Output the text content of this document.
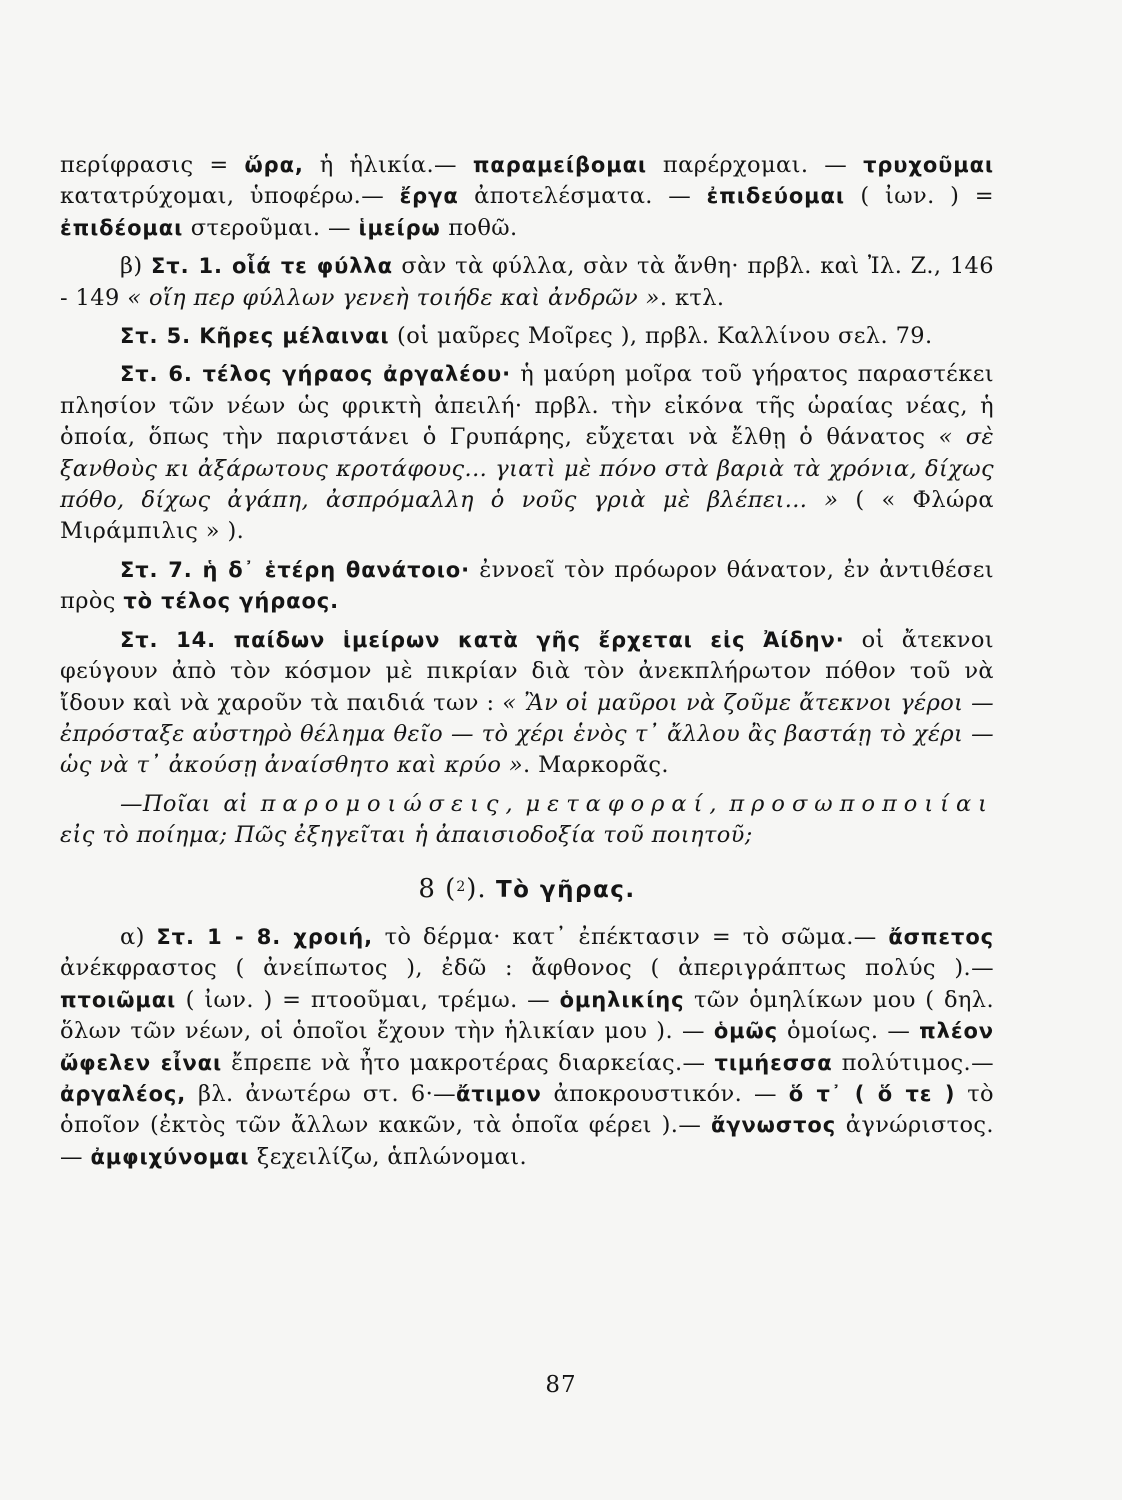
περίφρασις = ὥρα, ἡ ἡλικία.— παραμείβομαι παρέρχομαι. — τρυχοῦμαι κατατρύχομαι, ὑποφέρω.— ἔργα ἀποτελέσματα. — ἐπιδεύομαι ( ἰων. ) = ἐπιδέομαι στεροῦμαι. — ἱμείρω ποθῶ.

β) Στ. 1. οἷά τε φύλλα σὰν τὰ φύλλα, σὰν τὰ ἄνθη· πρβλ. καὶ Ἰλ. Z., 146 - 149 « οἵη περ φύλλων γενεὴ τοιήδε καὶ ἀνδρῶν ». κτλ.

Στ. 5. Κῆρες μέλαιναι (οἱ μαῦρες Μοῖρες ), πρβλ. Καλλίνου σελ. 79.

Στ. 6. τέλος γήραος ἀργαλέου· ἡ μαύρη μοῖρα τοῦ γήρατος παραστέκει πλησίον τῶν νέων ὡς φρικτὴ ἀπειλή· πρβλ. τὴν εἰκόνα τῆς ὡραίας νέας, ἡ ὁποία, ὅπως τὴν παριστάνει ὁ Γρυπάρης, εὔχεται νὰ ἔλθῃ ὁ θάνατος « σὲ ξανθοὺς κι ἀξάρωτους κροτάφους... γιατὶ μὲ πόνο στὰ βαριὰ τὰ χρόνια, δίχως πόθο, δίχως ἀγάπη, ἀσπρόμαλλη ὁ νοῦς γριὰ μὲ βλέπει... » ( « Φλώρα Μιράμπιλις » ).

Στ. 7. ἡ δ᾽ ἑτέρη θανάτοιο· ἐννοεῖ τὸν πρόωρον θάνατον, ἐν ἀντιθέσει πρὸς τὸ τέλος γήραος.

Στ. 14. παίδων ἱμείρων κατὰ γῆς ἔρχεται εἰς Ἀίδην· οἱ ἄτεκνοι φεύγουν ἀπὸ τὸν κόσμον μὲ πικρίαν διὰ τὸν ἀνεκπλήρωτον πόθον τοῦ νὰ ἴδουν καὶ νὰ χαροῦν τὰ παιδιά των : « Ἂν οἱ μαῦροι νὰ ζοῦμε ἄτεκνοι γέροι — ἐπρόσταξε αὐστηρὸ θέλημα θεῖο — τὸ χέρι ἑνὸς τ᾽ ἄλλου ἂς βαστάῃ τὸ χέρι — ὡς νὰ τ᾽ ἀκούσῃ ἀναίσθητο καὶ κρύο ». Μαρκορᾶς.

—Ποῖαι αἱ παρομοιώσεις, μεταφοραί, προσωποποιίαι εἰς τὸ ποίημα; Πῶς ἐξηγεῖται ἡ ἀπαισιοδοξία τοῦ ποιητοῦ;

8 ($^2$). Τὸ γῆρας.

α) Στ. 1 - 8. χροιή, τὸ δέρμα· κατ᾽ ἐπέκτασιν = τὸ σῶμα.— ἄσπετος ἀνέκφραστος ( ἀνείπωτος ), ἐδῶ : ἄφθονος ( ἀπεριγράπτως πολύς ).— πτοιῶμαι ( ἰων. ) = πτοοῦμαι, τρέμω. — ὁμηλικίης τῶν ὁμηλίκων μου ( δηλ. ὅλων τῶν νέων, οἱ ὁποῖοι ἔχουν τὴν ἡλικίαν μου ). — ὁμῶς ὁμοίως. — πλέον ὤφελεν εἶναι ἔπρεπε νὰ ἦτο μακροτέρας διαρκείας.— τιμήεσσα πολύτιμος.— ἀργαλέος, βλ. ἀνωτέρω στ. 6·—ἄτιμον ἀποκρουστικόν. — ὅ τ᾽ ( ὅ τε ) τὸ ὁποῖον (ἐκτὸς τῶν ἄλλων κακῶν, τὰ ὁποῖα φέρει ).— ἄγνωστος ἀγνώριστος.— ἀμφιχύνομαι ξεχειλίζω, ἁπλώνομαι.

87
